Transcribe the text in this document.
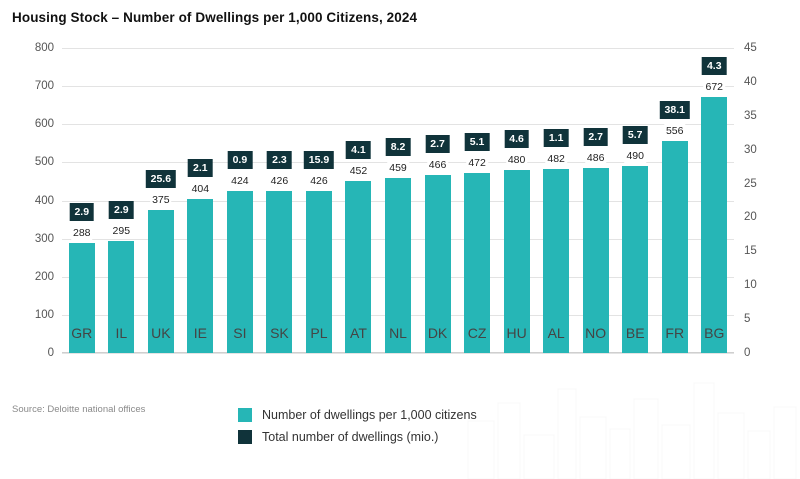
Housing Stock – Number of Dwellings per 1,000 Citizens, 2024
0
100
200
300
400
500
600
700
800
0
5
10
15
20
25
30
35
40
45
2.9
288
2.9
295
25.6
375
2.1
404
0.9
424
2.3
426
15.9
426
4.1
452
8.2
459
2.7
466
5.1
472
4.6
480
1.1
482
2.7
486
5.7
490
38.1
556
4.3
672
GR	IL	UK	IE	SI	SK	PL	AT	NL	DK	CZ	HU	AL	NO	BE	FR	BG
Source: Deloitte national offices	Number of dwellings per 1,000 citizens
Total number of dwellings (mio.)
